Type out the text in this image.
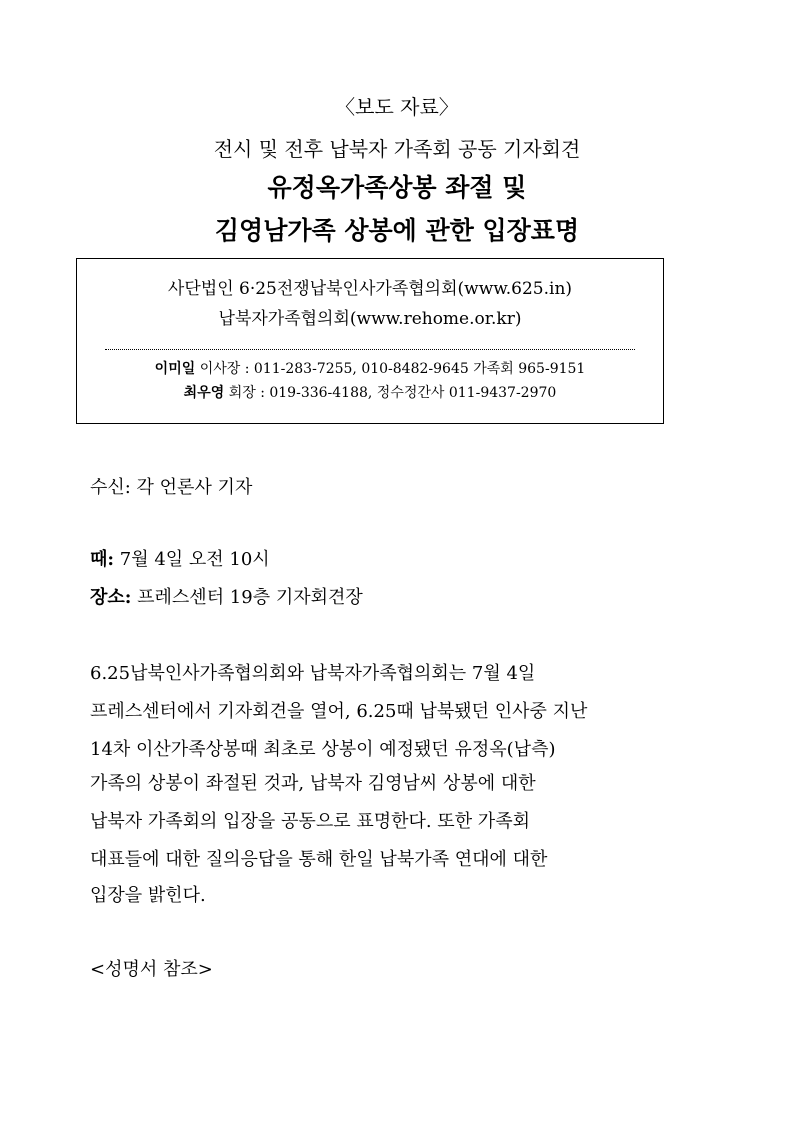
〈보도 자료〉
전시 및 전후 납북자 가족회 공동 기자회견
유정옥가족상봉 좌절 및
김영남가족 상봉에 관한 입장표명
사단법인 6·25전쟁납북인사가족협의회(www.625.in)
납북자가족협의회(www.rehome.or.kr)
이미일 이사장 : 011-283-7255, 010-8482-9645 가족회 965-9151
최우영 회장 : 019-336-4188, 정수정간사 011-9437-2970
수신: 각 언론사 기자
때: 7월 4일 오전 10시
장소: 프레스센터 19층 기자회견장
6.25납북인사가족협의회와 납북자가족협의회는 7월 4일
프레스센터에서 기자회견을 열어, 6.25때 납북됐던 인사중 지난
14차 이산가족상봉때 최초로 상봉이 예정됐던 유정옥(납측)
가족의 상봉이 좌절된 것과, 납북자 김영남씨 상봉에 대한
납북자 가족회의 입장을 공동으로 표명한다. 또한 가족회
대표들에 대한 질의응답을 통해 한일 납북가족 연대에 대한
입장을 밝힌다.
<성명서 참조>
